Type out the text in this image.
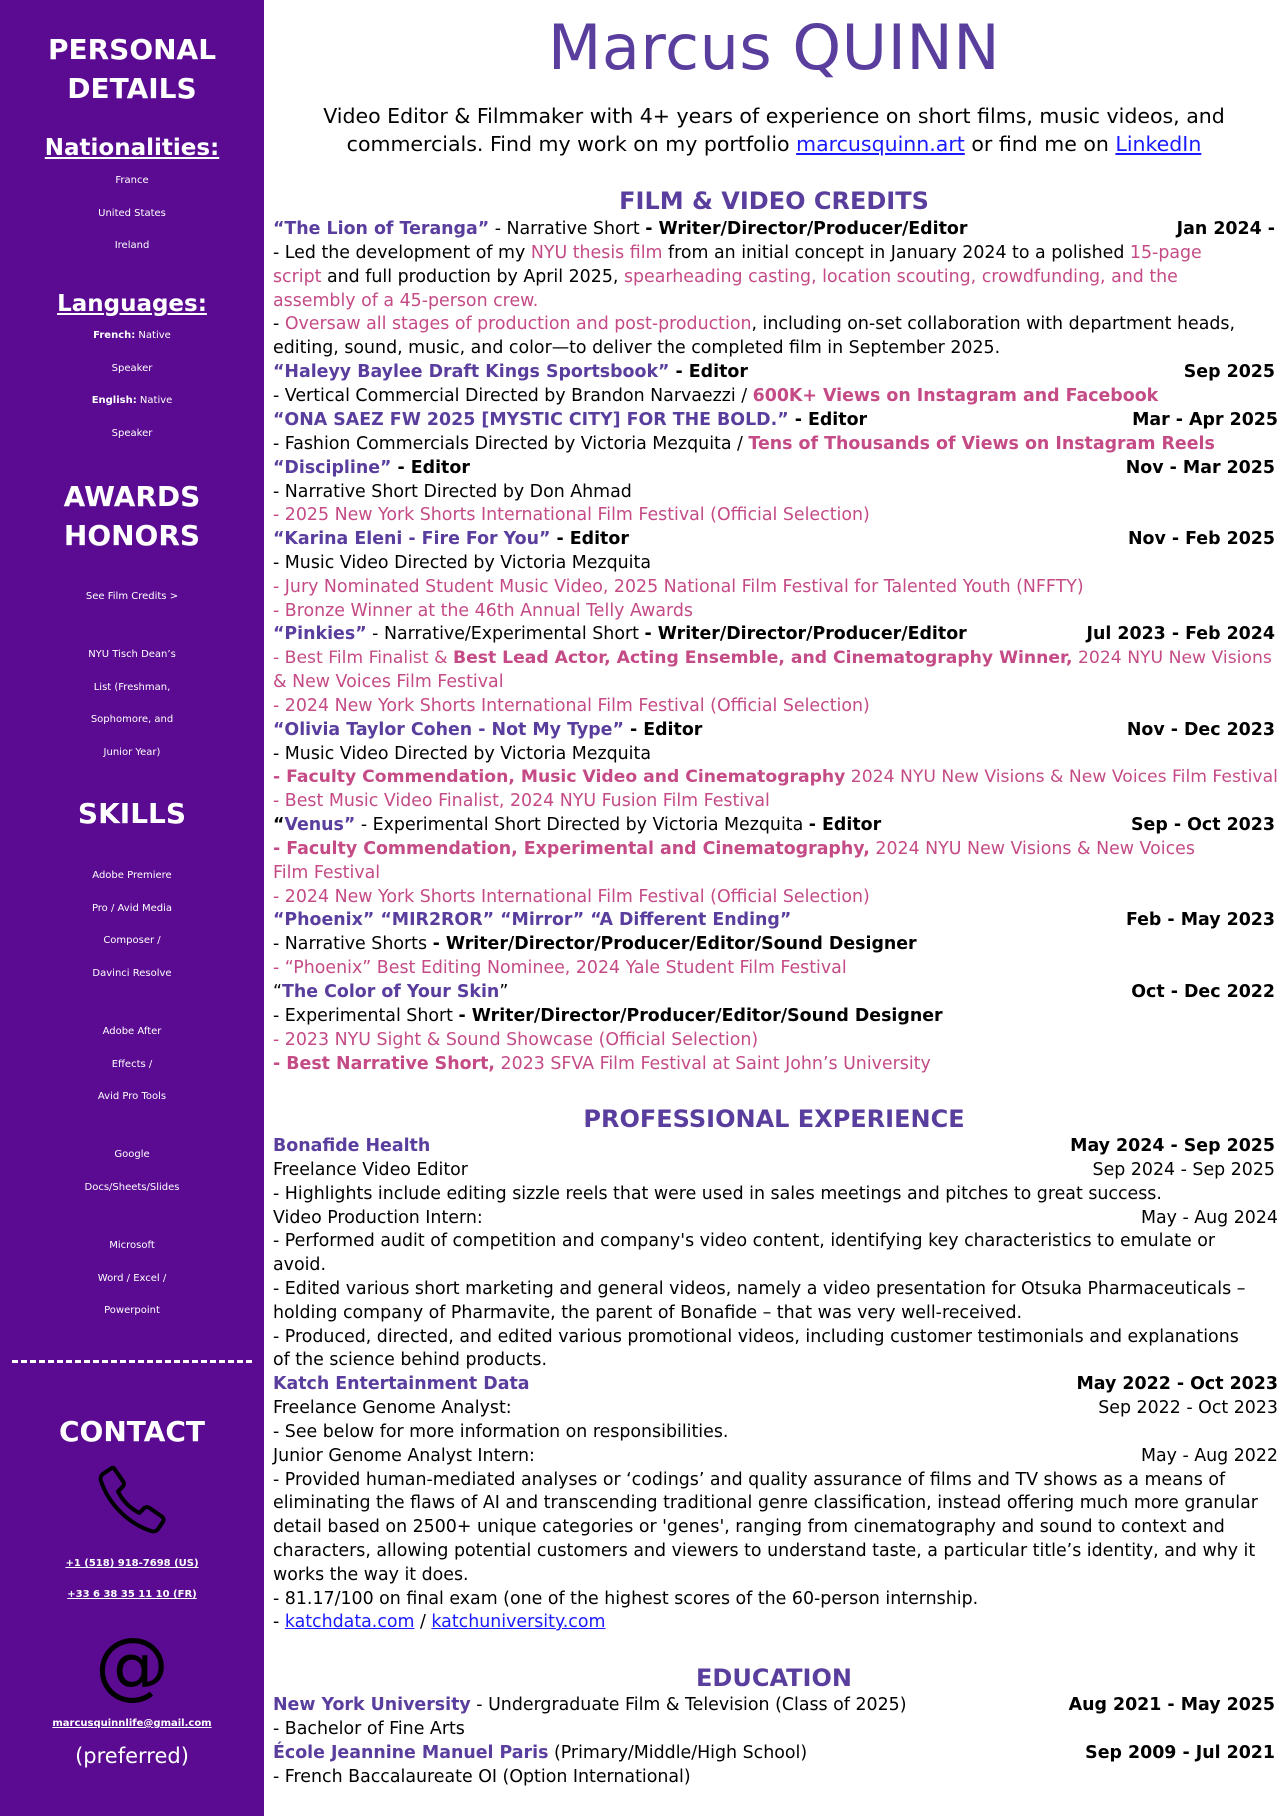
PERSONAL
DETAILS
Nationalities:
France
United States
Ireland
Languages:
French: Native
Speaker
English: Native
Speaker
AWARDS
HONORS
See Film Credits >
NYU Tisch Dean’s
List (Freshman,
Sophomore, and
Junior Year)
SKILLS
Adobe Premiere
Pro / Avid Media
Composer /
Davinci Resolve
Adobe After
Effects /
Avid Pro Tools
Google
Docs/Sheets/Slides
Microsoft
Word / Excel /
Powerpoint
CONTACT
+1 (518) 918-7698 (US)
+33 6 38 35 11 10 (FR)
@
marcusquinnlife@gmail.com
(preferred)
Marcus QUINN
Video Editor & Filmmaker with 4+ years of experience on short films, music videos, and
commercials. Find my work on my portfolio marcusquinn.art or find me on LinkedIn
FILM & VIDEO CREDITS
“The Lion of Teranga” - Narrative Short - Writer/Director/Producer/Editor	Jan 2024 -
- Led the development of my NYU thesis film from an initial concept in January 2024 to a polished 15-page
script and full production by April 2025, spearheading casting, location scouting, crowdfunding, and the
assembly of a 45-person crew.
- Oversaw all stages of production and post-production, including on-set collaboration with department heads,
editing, sound, music, and color—to deliver the completed film in September 2025.
“Haleyy Baylee Draft Kings Sportsbook” - Editor	Sep 2025
- Vertical Commercial Directed by Brandon Narvaezzi / 600K+ Views on Instagram and Facebook
“ONA SAEZ FW 2025 [MYSTIC CITY] FOR THE BOLD.” - Editor	Mar - Apr 2025
- Fashion Commercials Directed by Victoria Mezquita / Tens of Thousands of Views on Instagram Reels
“Discipline” - Editor	Nov - Mar 2025
- Narrative Short Directed by Don Ahmad
- 2025 New York Shorts International Film Festival (Official Selection)
“Karina Eleni - Fire For You” - Editor	Nov - Feb 2025
- Music Video Directed by Victoria Mezquita
- Jury Nominated Student Music Video, 2025 National Film Festival for Talented Youth (NFFTY)
- Bronze Winner at the 46th Annual Telly Awards
“Pinkies” - Narrative/Experimental Short - Writer/Director/Producer/Editor	Jul 2023 - Feb 2024
- Best Film Finalist & Best Lead Actor, Acting Ensemble, and Cinematography Winner, 2024 NYU New Visions
& New Voices Film Festival
- 2024 New York Shorts International Film Festival (Official Selection)
“Olivia Taylor Cohen - Not My Type” - Editor	Nov - Dec 2023
- Music Video Directed by Victoria Mezquita
- Faculty Commendation, Music Video and Cinematography 2024 NYU New Visions & New Voices Film Festival
- Best Music Video Finalist, 2024 NYU Fusion Film Festival
“Venus” - Experimental Short Directed by Victoria Mezquita - Editor	Sep - Oct 2023
- Faculty Commendation, Experimental and Cinematography, 2024 NYU New Visions & New Voices
Film Festival
- 2024 New York Shorts International Film Festival (Official Selection)
“Phoenix” “MIR2ROR” “Mirror” “A Different Ending”	Feb - May 2023
- Narrative Shorts - Writer/Director/Producer/Editor/Sound Designer
- “Phoenix” Best Editing Nominee, 2024 Yale Student Film Festival
“The Color of Your Skin”	Oct - Dec 2022
- Experimental Short - Writer/Director/Producer/Editor/Sound Designer
- 2023 NYU Sight & Sound Showcase (Official Selection)
- Best Narrative Short, 2023 SFVA Film Festival at Saint John’s University
PROFESSIONAL EXPERIENCE
Bonafide Health	May 2024 - Sep 2025
Freelance Video Editor	Sep 2024 - Sep 2025
- Highlights include editing sizzle reels that were used in sales meetings and pitches to great success.
Video Production Intern:	May - Aug 2024
- Performed audit of competition and company's video content, identifying key characteristics to emulate or
avoid.
- Edited various short marketing and general videos, namely a video presentation for Otsuka Pharmaceuticals –
holding company of Pharmavite, the parent of Bonafide – that was very well-received.
- Produced, directed, and edited various promotional videos, including customer testimonials and explanations
of the science behind products.
Katch Entertainment Data	May 2022 - Oct 2023
Freelance Genome Analyst:	Sep 2022 - Oct 2023
- See below for more information on responsibilities.
Junior Genome Analyst Intern:	May - Aug 2022
- Provided human-mediated analyses or ‘codings’ and quality assurance of films and TV shows as a means of
eliminating the flaws of AI and transcending traditional genre classification, instead offering much more granular
detail based on 2500+ unique categories or 'genes', ranging from cinematography and sound to context and
characters, allowing potential customers and viewers to understand taste, a particular title’s identity, and why it
works the way it does.
- 81.17/100 on final exam (one of the highest scores of the 60-person internship.
- katchdata.com / katchuniversity.com
EDUCATION
New York University - Undergraduate Film & Television (Class of 2025)	Aug 2021 - May 2025
- Bachelor of Fine Arts
École Jeannine Manuel Paris (Primary/Middle/High School)	Sep 2009 - Jul 2021
- French Baccalaureate OI (Option International)
